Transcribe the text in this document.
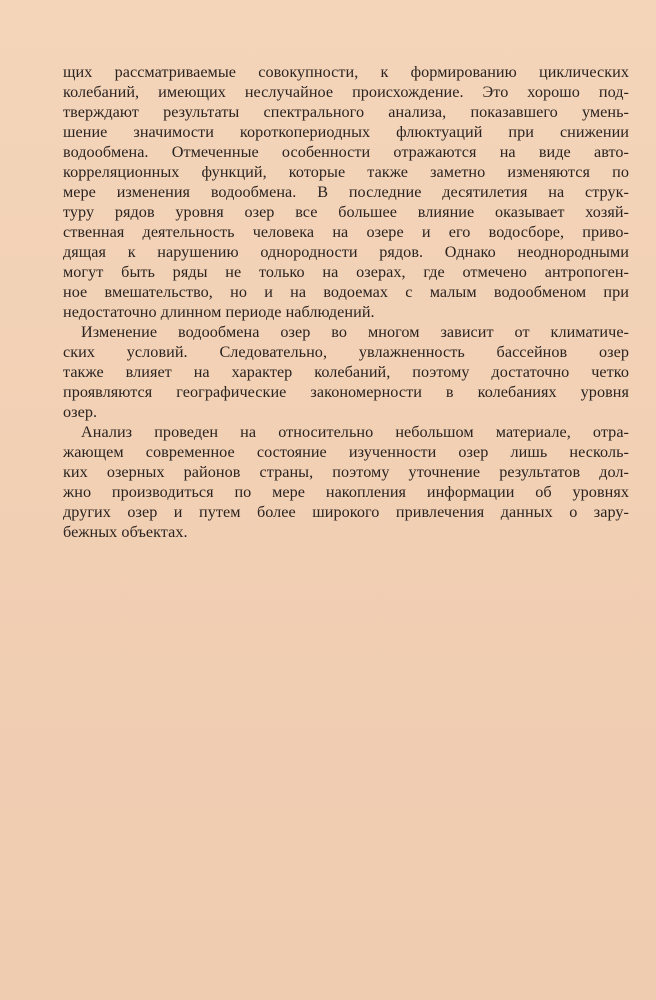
щих рассматриваемые совокупности, к формированию циклических
колебаний, имеющих неслучайное происхождение. Это хорошо под-
тверждают результаты спектрального анализа, показавшего умень-
шение значимости короткопериодных флюктуаций при снижении
водообмена. Отмеченные особенности отражаются на виде авто-
корреляционных функций, которые также заметно изменяются по
мере изменения водообмена. В последние десятилетия на струк-
туру рядов уровня озер все большее влияние оказывает хозяй-
ственная деятельность человека на озере и его водосборе, приво-
дящая к нарушению однородности рядов. Однако неоднородными
могут быть ряды не только на озерах, где отмечено антропоген-
ное вмешательство, но и на водоемах с малым водообменом при
недостаточно длинном периоде наблюдений.
Изменение водообмена озер во многом зависит от климатиче-
ских условий. Следовательно, увлажненность бассейнов озер
также влияет на характер колебаний, поэтому достаточно четко
проявляются географические закономерности в колебаниях уровня
озер.
Анализ проведен на относительно небольшом материале, отра-
жающем современное состояние изученности озер лишь несколь-
ких озерных районов страны, поэтому уточнение результатов дол-
жно производиться по мере накопления информации об уровнях
других озер и путем более широкого привлечения данных о зару-
бежных объектах.
